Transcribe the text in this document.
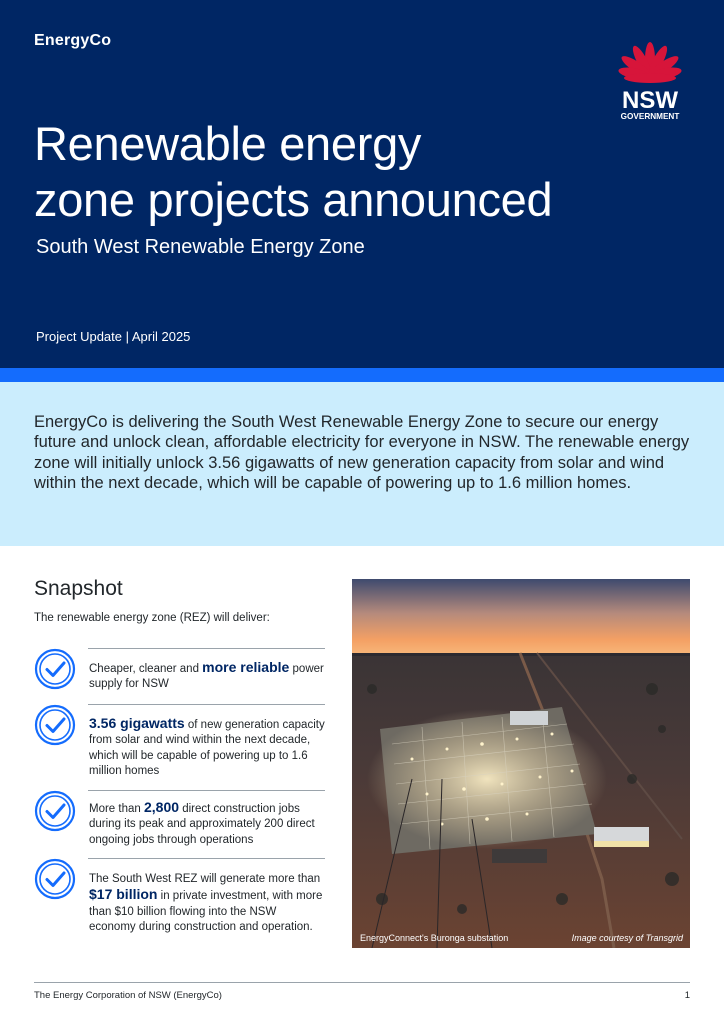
EnergyCo
Renewable energy
zone projects announced
South West Renewable Energy Zone
Project Update | April 2025
NSW
GOVERNMENT

EnergyCo is delivering the South West Renewable Energy Zone to secure our energy future and unlock clean, affordable electricity for everyone in NSW. The renewable energy zone will initially unlock 3.56 gigawatts of new generation capacity from solar and wind within the next decade, which will be capable of powering up to 1.6 million homes.

Snapshot
The renewable energy zone (REZ) will deliver:
Cheaper, cleaner and more reliable power supply for NSW
3.56 gigawatts of new generation capacity from solar and wind within the next decade, which will be capable of powering up to 1.6 million homes
More than 2,800 direct construction jobs during its peak and approximately 200 direct ongoing jobs through operations
The South West REZ will generate more than $17 billion in private investment, with more than $10 billion flowing into the NSW economy during construction and operation.
EnergyConnect's Buronga substation	Image courtesy of Transgrid
The Energy Corporation of NSW (EnergyCo)	1
